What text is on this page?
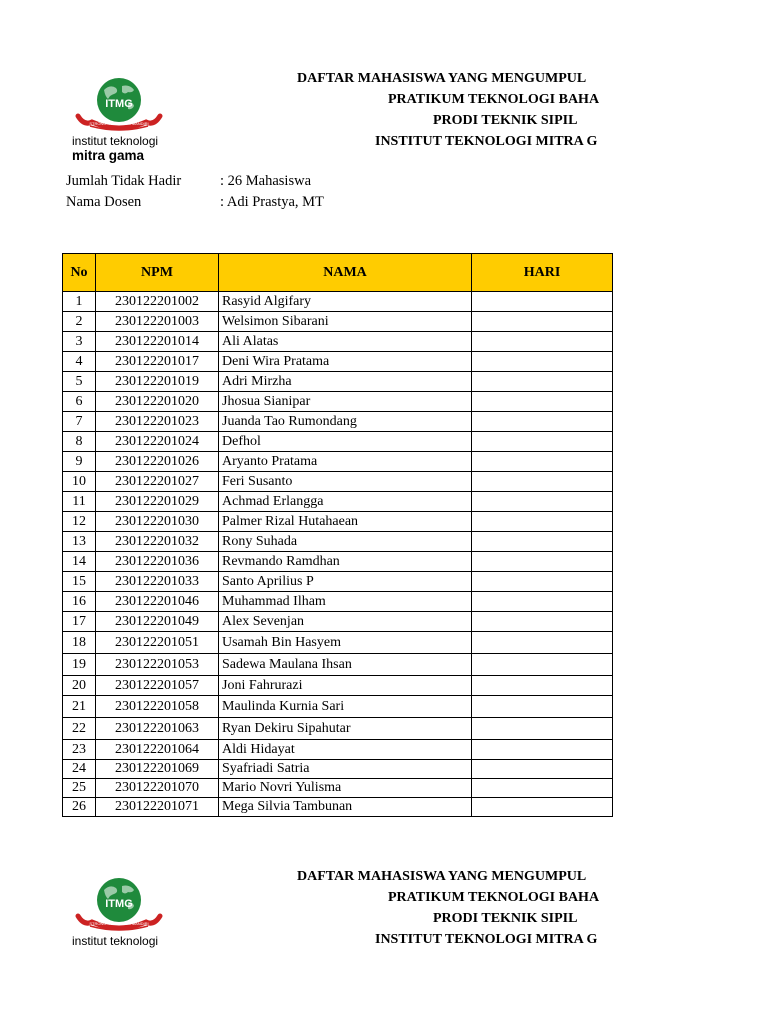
ITMG
STRONG KONSISTEN MANDIRI
institut teknologi
mitra gama
DAFTAR MAHASISWA YANG MENGUMPUL
PRATIKUM TEKNOLOGI BAHA
PRODI TEKNIK SIPIL
INSTITUT TEKNOLOGI MITRA G
Jumlah Tidak Hadir	: 26 Mahasiswa
Nama Dosen	: Adi Prastya, MT
No	NPM	NAMA	HARI
1	230122201002	Rasyid Algifary	
2	230122201003	Welsimon Sibarani	
3	230122201014	Ali Alatas	
4	230122201017	Deni Wira Pratama	
5	230122201019	Adri Mirzha	
6	230122201020	Jhosua Sianipar	
7	230122201023	Juanda Tao Rumondang	
8	230122201024	Defhol	
9	230122201026	Aryanto Pratama	
10	230122201027	Feri Susanto	
11	230122201029	Achmad Erlangga	
12	230122201030	Palmer Rizal Hutahaean	
13	230122201032	Rony Suhada	
14	230122201036	Revmando Ramdhan	
15	230122201033	Santo Aprilius P	
16	230122201046	Muhammad Ilham	
17	230122201049	Alex Sevenjan	
18	230122201051	Usamah Bin Hasyem	
19	230122201053	Sadewa Maulana Ihsan	
20	230122201057	Joni Fahrurazi	
21	230122201058	Maulinda Kurnia Sari	
22	230122201063	Ryan Dekiru Sipahutar	
23	230122201064	Aldi Hidayat	
24	230122201069	Syafriadi Satria	
25	230122201070	Mario Novri Yulisma	
26	230122201071	Mega Silvia Tambunan	
ITMG
STRONG KONSISTEN MANDIRI
institut teknologi
DAFTAR MAHASISWA YANG MENGUMPUL
PRATIKUM TEKNOLOGI BAHA
PRODI TEKNIK SIPIL
INSTITUT TEKNOLOGI MITRA G
